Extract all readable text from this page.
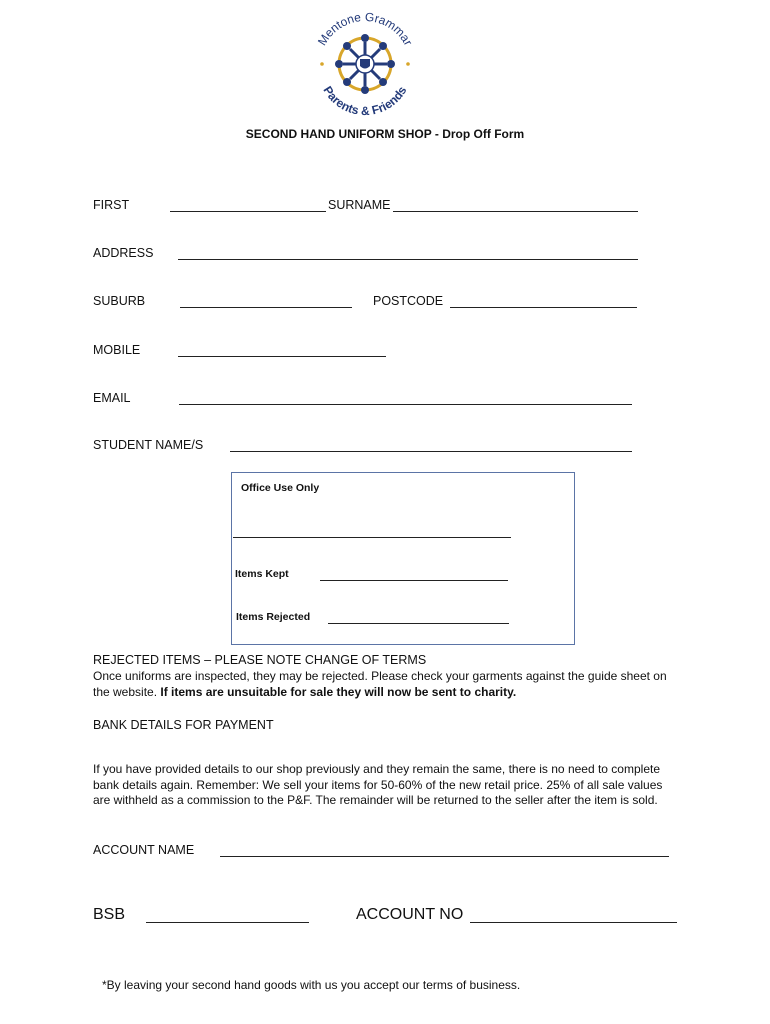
Mentone Grammar
Parents & Friends
SECOND HAND UNIFORM SHOP - Drop Off Form
FIRST	SURNAME
ADDRESS
SUBURB	POSTCODE
MOBILE
EMAIL
STUDENT NAME/S
Office Use Only
Items Kept
Items Rejected
REJECTED ITEMS – PLEASE NOTE CHANGE OF TERMS
Once uniforms are inspected, they may be rejected. Please check your garments against the guide sheet on the website. If items are unsuitable for sale they will now be sent to charity.
BANK DETAILS FOR PAYMENT
If you have provided details to our shop previously and they remain the same, there is no need to complete bank details again. Remember: We sell your items for 50-60% of the new retail price. 25% of all sale values are withheld as a commission to the P&F. The remainder will be returned to the seller after the item is sold.
ACCOUNT NAME
BSB	ACCOUNT NO
*By leaving your second hand goods with us you accept our terms of business.
